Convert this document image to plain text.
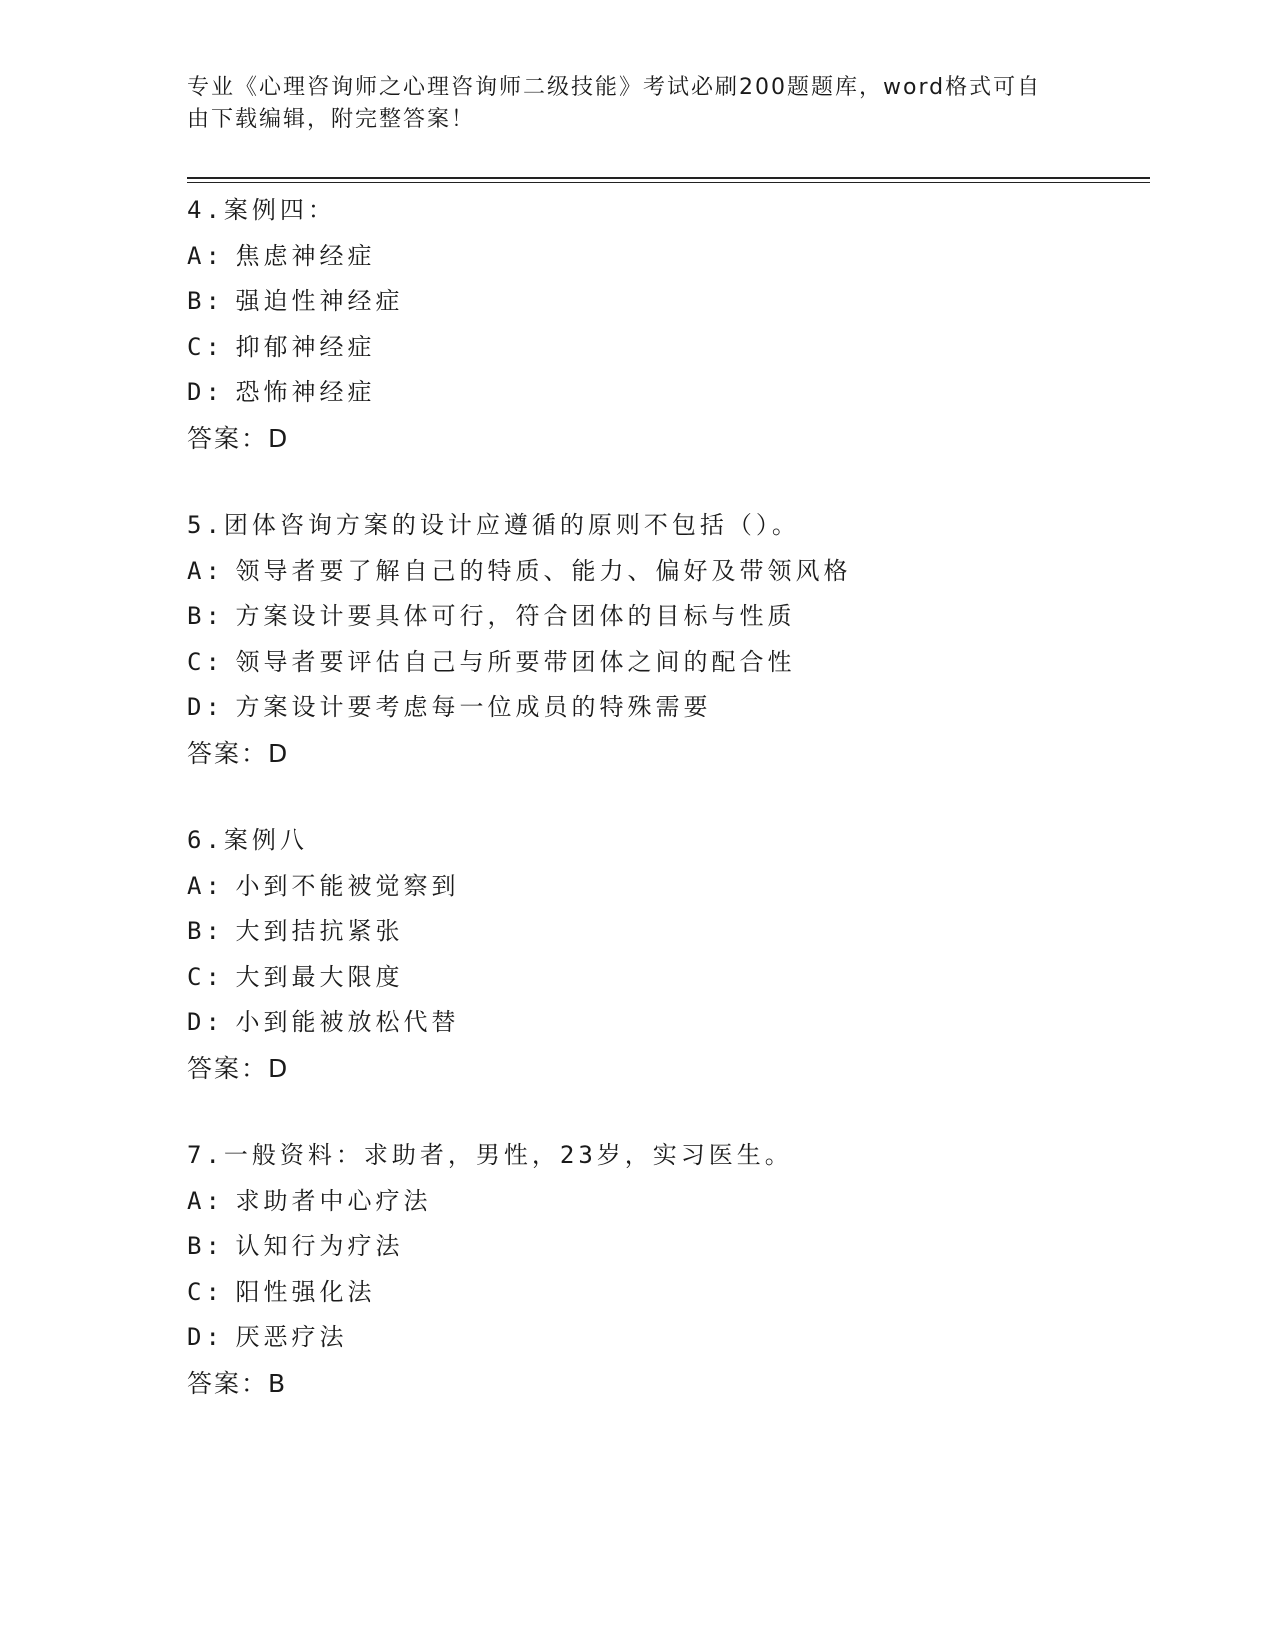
专业《心理咨询师之心理咨询师二级技能》考试必刷200题题库，word格式可自
由下载编辑，附完整答案！
4.案例四：
A: 焦虑神经症
B: 强迫性神经症
C: 抑郁神经症
D: 恐怖神经症
答案：D
5.团体咨询方案的设计应遵循的原则不包括（）。
A: 领导者要了解自己的特质、能力、偏好及带领风格
B: 方案设计要具体可行，符合团体的目标与性质
C: 领导者要评估自己与所要带团体之间的配合性
D: 方案设计要考虑每一位成员的特殊需要
答案：D
6.案例八
A: 小到不能被觉察到
B: 大到拮抗紧张
C: 大到最大限度
D: 小到能被放松代替
答案：D
7.一般资料：求助者，男性，23岁，实习医生。
A: 求助者中心疗法
B: 认知行为疗法
C: 阳性强化法
D: 厌恶疗法
答案：B
